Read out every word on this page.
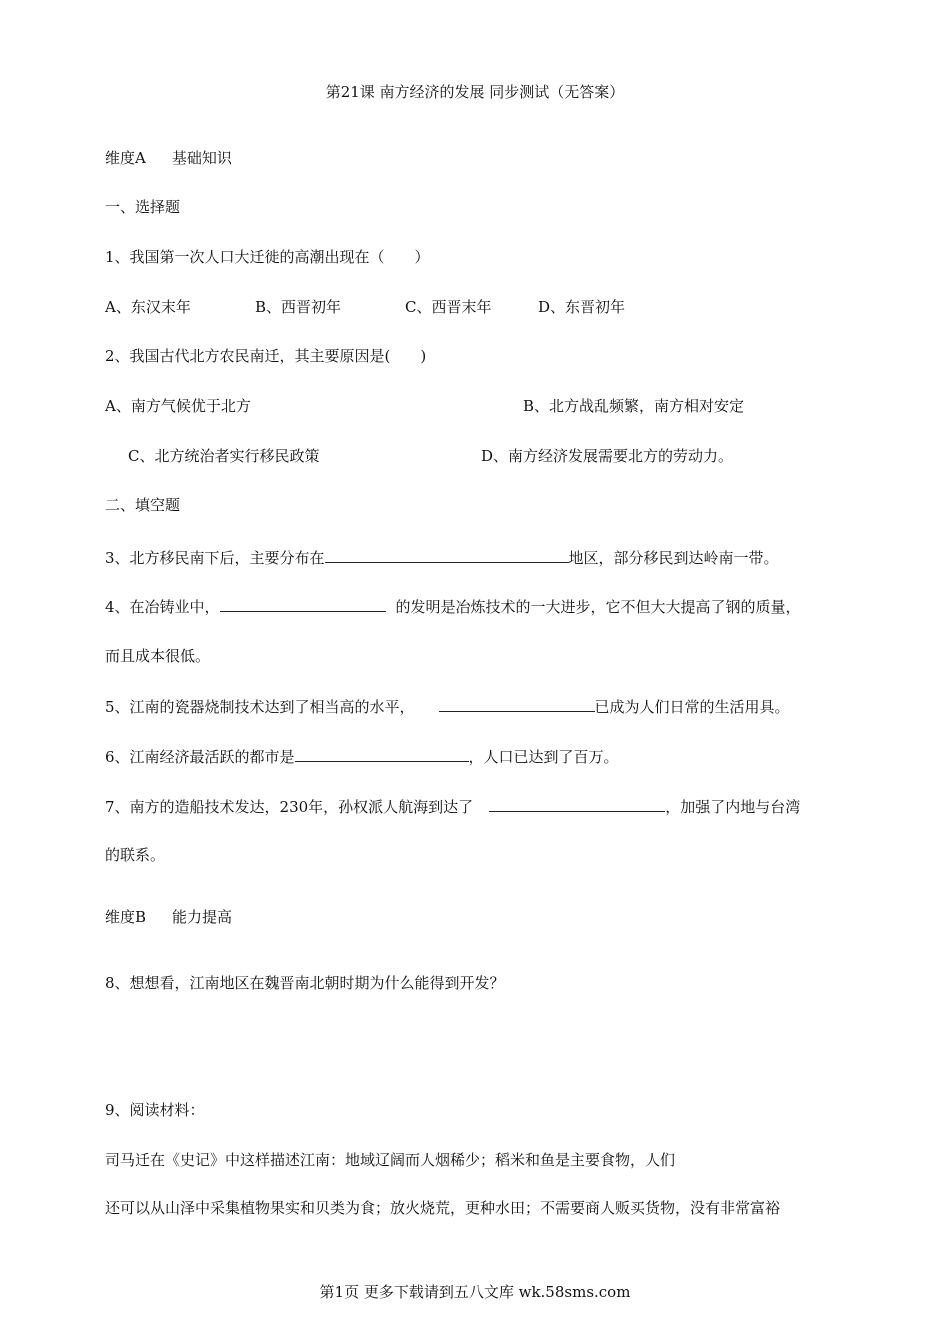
第21课 南方经济的发展 同步测试（无答案）
维度A 基础知识
一、选择题
1、我国第一次人口大迁徙的高潮出现在（　　）
A、东汉末年	B、西晋初年	C、西晋末年	D、东晋初年
2、我国古代北方农民南迁，其主要原因是(　　)
A、南方气候优于北方	B、北方战乱频繁，南方相对安定
C、北方统治者实行移民政策	D、南方经济发展需要北方的劳动力。
二、填空题
3、北方移民南下后，主要分布在	地区，部分移民到达岭南一带。
4、在冶铸业中，	的发明是冶炼技术的一大进步，它不但大大提高了钢的质量，
而且成本很低。
5、江南的瓷器烧制技术达到了相当高的水平，	已成为人们日常的生活用具。
6、江南经济最活跃的都市是	，人口已达到了百万。
7、南方的造船技术发达，230年，孙权派人航海到达了	，加强了内地与台湾
的联系。
维度B 能力提高
8、想想看，江南地区在魏晋南北朝时期为什么能得到开发？
9、阅读材料：
司马迁在《史记》中这样描述江南：地域辽阔而人烟稀少；稻米和鱼是主要食物，人们
还可以从山泽中采集植物果实和贝类为食；放火烧荒，更种水田；不需要商人贩买货物，没有非常富裕
第1页 更多下载请到五八文库 wk.58sms.com
